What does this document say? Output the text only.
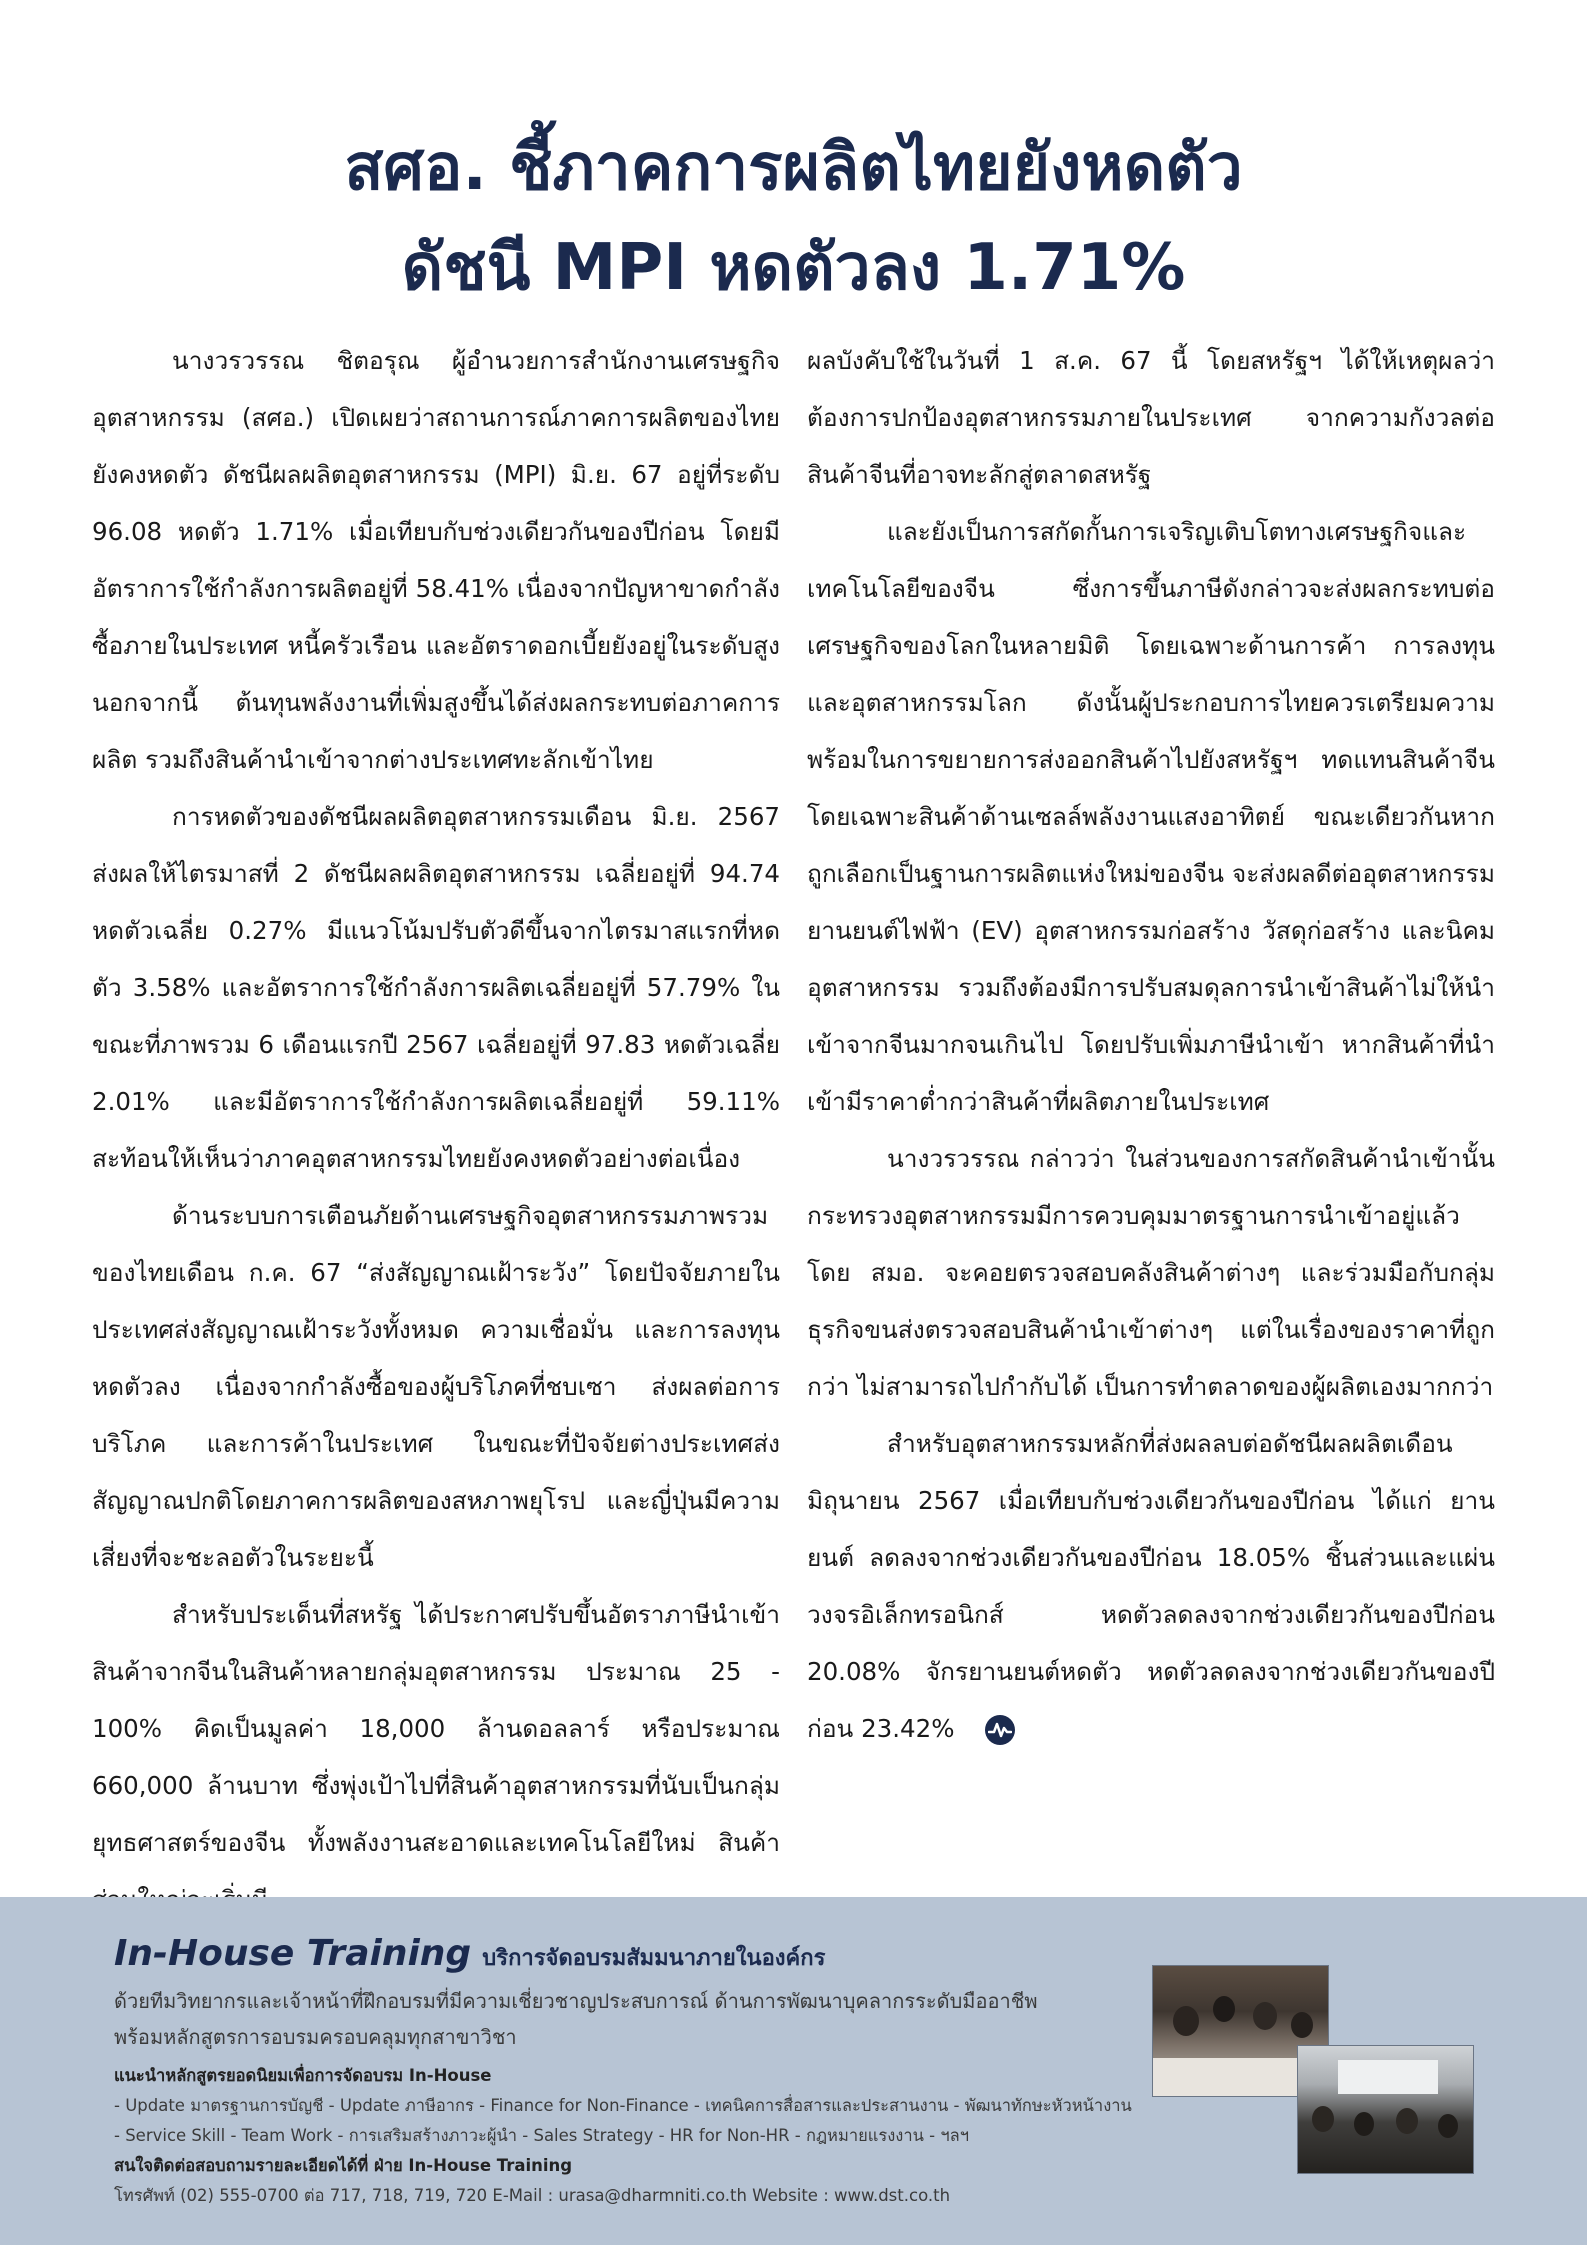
สศอ. ชี้ภาคการผลิตไทยยังหดตัว
ดัชนี MPI หดตัวลง 1.71%

นางวรวรรณ ชิตอรุณ ผู้อำนวยการสำนักงานเศรษฐกิจอุตสาหกรรม (สศอ.) เปิดเผยว่าสถานการณ์ภาคการผลิตของไทยยังคงหดตัว ดัชนีผลผลิตอุตสาหกรรม (MPI) มิ.ย. 67 อยู่ที่ระดับ 96.08 หดตัว 1.71% เมื่อเทียบกับช่วงเดียวกันของปีก่อน โดยมีอัตราการใช้กำลังการผลิตอยู่ที่ 58.41% เนื่องจากปัญหาขาดกำลังซื้อภายในประเทศ หนี้ครัวเรือน และอัตราดอกเบี้ยยังอยู่ในระดับสูง นอกจากนี้ ต้นทุนพลังงานที่เพิ่มสูงขึ้นได้ส่งผลกระทบต่อภาคการผลิต รวมถึงสินค้านำเข้าจากต่างประเทศทะลักเข้าไทย

การหดตัวของดัชนีผลผลิตอุตสาหกรรมเดือน มิ.ย. 2567 ส่งผลให้ไตรมาสที่ 2 ดัชนีผลผลิตอุตสาหกรรม เฉลี่ยอยู่ที่ 94.74 หดตัวเฉลี่ย 0.27% มีแนวโน้มปรับตัวดีขึ้นจากไตรมาสแรกที่หดตัว 3.58% และอัตราการใช้กำลังการผลิตเฉลี่ยอยู่ที่ 57.79% ในขณะที่ภาพรวม 6 เดือนแรกปี 2567 เฉลี่ยอยู่ที่ 97.83 หดตัวเฉลี่ย 2.01% และมีอัตราการใช้กำลังการผลิตเฉลี่ยอยู่ที่ 59.11% สะท้อนให้เห็นว่าภาคอุตสาหกรรมไทยยังคงหดตัวอย่างต่อเนื่อง

ด้านระบบการเตือนภัยด้านเศรษฐกิจอุตสาหกรรมภาพรวมของไทยเดือน ก.ค. 67 “ส่งสัญญาณเฝ้าระวัง” โดยปัจจัยภายในประเทศส่งสัญญาณเฝ้าระวังทั้งหมด ความเชื่อมั่น และการลงทุนหดตัวลง เนื่องจากกำลังซื้อของผู้บริโภคที่ชบเซา ส่งผลต่อการบริโภค และการค้าในประเทศ ในขณะที่ปัจจัยต่างประเทศส่งสัญญาณปกติโดยภาคการผลิตของสหภาพยุโรป และญี่ปุ่นมีความเสี่ยงที่จะชะลอตัวในระยะนี้

สำหรับประเด็นที่สหรัฐ ได้ประกาศปรับขึ้นอัตราภาษีนำเข้าสินค้าจากจีนในสินค้าหลายกลุ่มอุตสาหกรรม ประมาณ 25 - 100% คิดเป็นมูลค่า 18,000 ล้านดอลลาร์ หรือประมาณ 660,000 ล้านบาท ซึ่งพุ่งเป้าไปที่สินค้าอุตสาหกรรมที่นับเป็นกลุ่มยุทธศาสตร์ของจีน ทั้งพลังงานสะอาดและเทคโนโลยีใหม่ สินค้า

ผลบังคับใช้ในวันที่ 1 ส.ค. 67 นี้ โดยสหรัฐฯ ได้ให้เหตุผลว่าต้องการปกป้องอุตสาหกรรมภายในประเทศ จากความกังวลต่อสินค้าจีนที่อาจทะลักสู่ตลาดสหรัฐ

และยังเป็นการสกัดกั้นการเจริญเติบโตทางเศรษฐกิจและเทคโนโลยีของจีน ซึ่งการขึ้นภาษีดังกล่าวจะส่งผลกระทบต่อเศรษฐกิจของโลกในหลายมิติ โดยเฉพาะด้านการค้า การลงทุนและอุตสาหกรรมโลก ดังนั้นผู้ประกอบการไทยควรเตรียมความพร้อมในการขยายการส่งออกสินค้าไปยังสหรัฐฯ ทดแทนสินค้าจีน โดยเฉพาะสินค้าด้านเซลล์พลังงานแสงอาทิตย์ ขณะเดียวกันหากถูกเลือกเป็นฐานการผลิตแห่งใหม่ของจีน จะส่งผลดีต่ออุตสาหกรรมยานยนต์ไฟฟ้า (EV) อุตสาหกรรมก่อสร้าง วัสดุก่อสร้าง และนิคมอุตสาหกรรม รวมถึงต้องมีการปรับสมดุลการนำเข้าสินค้าไม่ให้นำเข้าจากจีนมากจนเกินไป โดยปรับเพิ่มภาษีนำเข้า หากสินค้าที่นำเข้ามีราคาต่ำกว่าสินค้าที่ผลิตภายในประเทศ

นางวรวรรณ กล่าวว่า ในส่วนของการสกัดสินค้านำเข้านั้น กระทรวงอุตสาหกรรมมีการควบคุมมาตรฐานการนำเข้าอยู่แล้ว โดย สมอ. จะคอยตรวจสอบคลังสินค้าต่างๆ และร่วมมือกับกลุ่มธุรกิจขนส่งตรวจสอบสินค้านำเข้าต่างๆ แต่ในเรื่องของราคาที่ถูกกว่า ไม่สามารถไปกำกับได้ เป็นการทำตลาดของผู้ผลิตเองมากกว่า

สำหรับอุตสาหกรรมหลักที่ส่งผลลบต่อดัชนีผลผลิตเดือนมิถุนายน 2567 เมื่อเทียบกับช่วงเดียวกันของปีก่อน ได้แก่ ยานยนต์ ลดลงจากช่วงเดียวกันของปีก่อน 18.05% ชิ้นส่วนและแผ่นวงจรอิเล็กทรอนิกส์ หดตัวลดลงจากช่วงเดียวกันของปีก่อน 20.08% จักรยานยนต์หดตัว หดตัวลดลงจากช่วงเดียวกันของปีก่อน 23.42%

In-House Training บริการจัดอบรมสัมมนาภายในองค์กร
ด้วยทีมวิทยากรและเจ้าหน้าที่ฝึกอบรมที่มีความเชี่ยวชาญประสบการณ์ ด้านการพัฒนาบุคลากรระดับมืออาชีพ
พร้อมหลักสูตรการอบรมครอบคลุมทุกสาขาวิชา
แนะนำหลักสูตรยอดนิยมเพื่อการจัดอบรม In-House
- Update มาตรฐานการบัญชี - Update ภาษีอากร - Finance for Non-Finance - เทคนิคการสื่อสารและประสานงาน - พัฒนาทักษะหัวหน้างาน
- Service Skill - Team Work - การเสริมสร้างภาวะผู้นำ - Sales Strategy - HR for Non-HR - กฎหมายแรงงาน - ฯลฯ
สนใจติดต่อสอบถามรายละเอียดได้ที่ ฝ่าย In-House Training
โทรศัพท์ (02) 555-0700 ต่อ 717, 718, 719, 720 E-Mail : urasa@dharmniti.co.th Website : www.dst.co.th
